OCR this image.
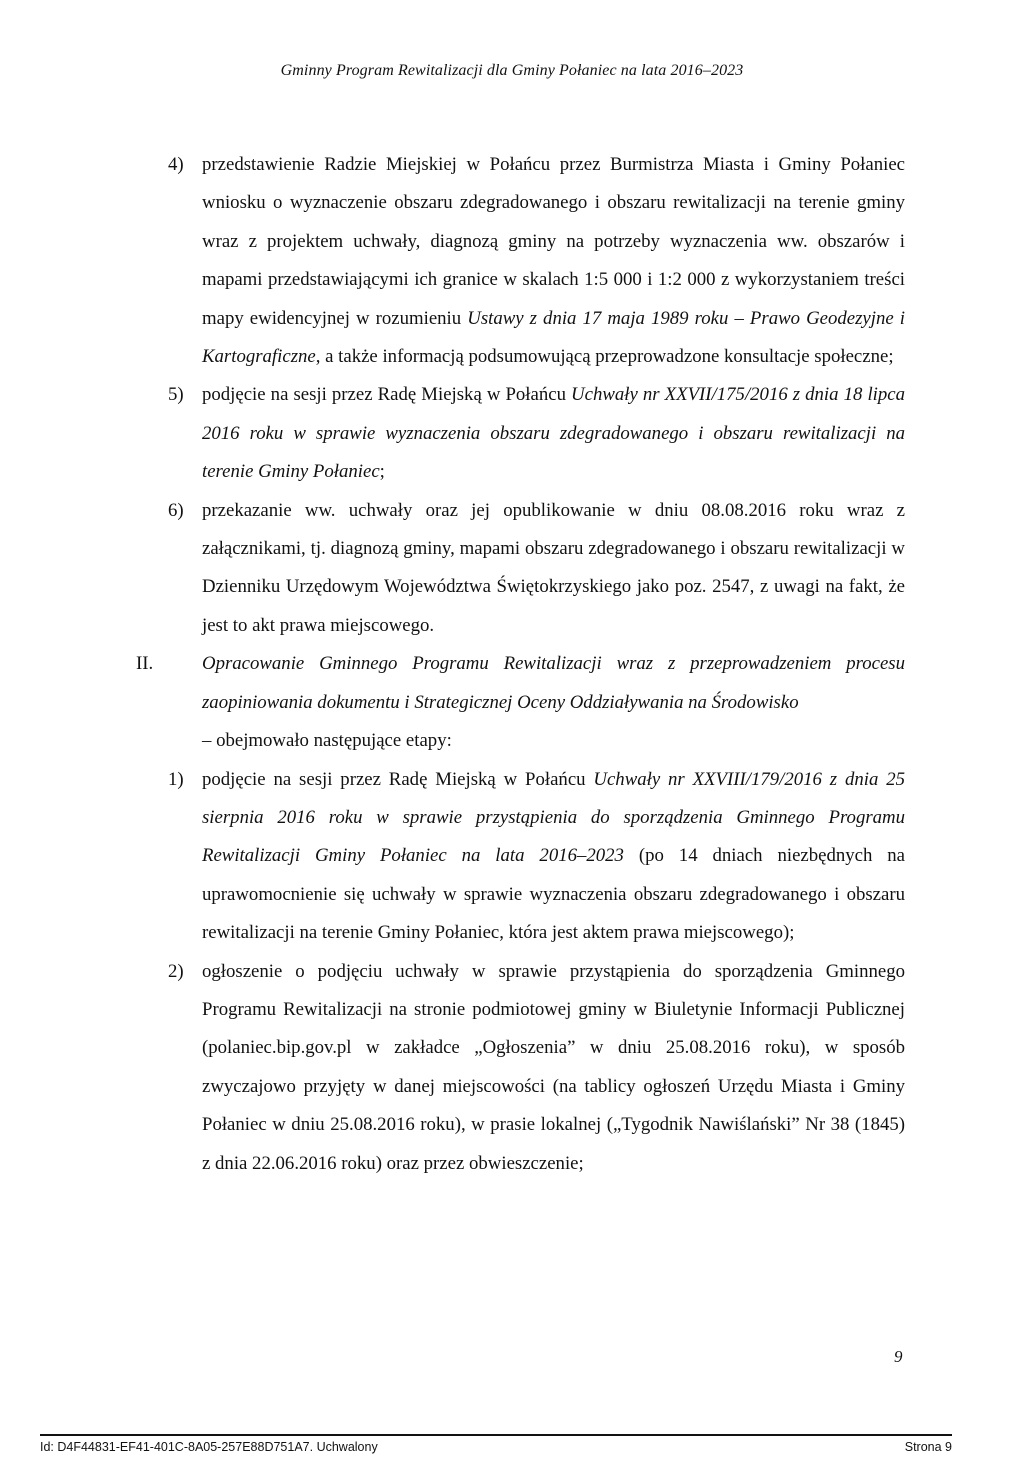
Gminny Program Rewitalizacji dla Gminy Połaniec na lata 2016–2023
4) przedstawienie Radzie Miejskiej w Połańcu przez Burmistrza Miasta i Gminy Połaniec wniosku o wyznaczenie obszaru zdegradowanego i obszaru rewitalizacji na terenie gminy wraz z projektem uchwały, diagnozą gminy na potrzeby wyznaczenia ww. obszarów i mapami przedstawiającymi ich granice w skalach 1:5 000 i 1:2 000 z wykorzystaniem treści mapy ewidencyjnej w rozumieniu Ustawy z dnia 17 maja 1989 roku – Prawo Geodezyjne i Kartograficzne, a także informacją podsumowującą przeprowadzone konsultacje społeczne;
5) podjęcie na sesji przez Radę Miejską w Połańcu Uchwały nr XXVII/175/2016 z dnia 18 lipca 2016 roku w sprawie wyznaczenia obszaru zdegradowanego i obszaru rewitalizacji na terenie Gminy Połaniec;
6) przekazanie ww. uchwały oraz jej opublikowanie w dniu 08.08.2016 roku wraz z załącznikami, tj. diagnozą gminy, mapami obszaru zdegradowanego i obszaru rewitalizacji w Dzienniku Urzędowym Województwa Świętokrzyskiego jako poz. 2547, z uwagi na fakt, że jest to akt prawa miejscowego.
II.	Opracowanie Gminnego Programu Rewitalizacji wraz z przeprowadzeniem procesu zaopiniowania dokumentu i Strategicznej Oceny Oddziaływania na Środowisko
– obejmowało następujące etapy:
1) podjęcie na sesji przez Radę Miejską w Połańcu Uchwały nr XXVIII/179/2016 z dnia 25 sierpnia 2016 roku w sprawie przystąpienia do sporządzenia Gminnego Programu Rewitalizacji Gminy Połaniec na lata 2016–2023 (po 14 dniach niezbędnych na uprawomocnienie się uchwały w sprawie wyznaczenia obszaru zdegradowanego i obszaru rewitalizacji na terenie Gminy Połaniec, która jest aktem prawa miejscowego);
2) ogłoszenie o podjęciu uchwały w sprawie przystąpienia do sporządzenia Gminnego Programu Rewitalizacji na stronie podmiotowej gminy w Biuletynie Informacji Publicznej (polaniec.bip.gov.pl w zakładce „Ogłoszenia” w dniu 25.08.2016 roku), w sposób zwyczajowo przyjęty w danej miejscowości (na tablicy ogłoszeń Urzędu Miasta i Gminy Połaniec w dniu 25.08.2016 roku), w prasie lokalnej („Tygodnik Nawiślański” Nr 38 (1845) z dnia 22.06.2016 roku) oraz przez obwieszczenie;
9
Id: D4F44831-EF41-401C-8A05-257E88D751A7. Uchwalony	Strona 9
